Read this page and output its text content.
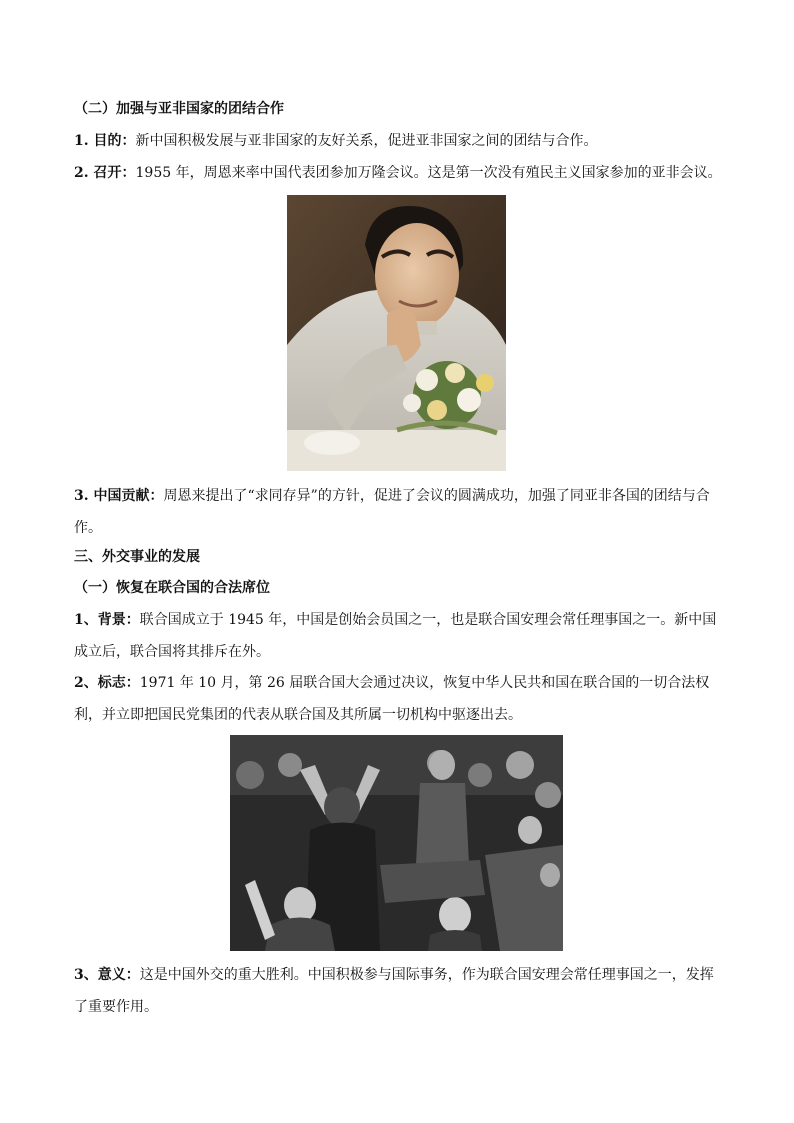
（二）加强与亚非国家的团结合作
1. 目的：新中国积极发展与亚非国家的友好关系，促进亚非国家之间的团结与合作。
2. 召开：1955 年，周恩来率中国代表团参加万隆会议。这是第一次没有殖民主义国家参加的亚非会议。
3. 中国贡献：周恩来提出了“求同存异”的方针，促进了会议的圆满成功，加强了同亚非各国的团结与合作。
三、外交事业的发展
（一）恢复在联合国的合法席位
1、背景：联合国成立于 1945 年，中国是创始会员国之一，也是联合国安理会常任理事国之一。新中国成立后，联合国将其排斥在外。
2、标志：1971 年 10 月，第 26 届联合国大会通过决议，恢复中华人民共和国在联合国的一切合法权利，并立即把国民党集团的代表从联合国及其所属一切机构中驱逐出去。
3、意义：这是中国外交的重大胜利。中国积极参与国际事务，作为联合国安理会常任理事国之一，发挥了重要作用。
